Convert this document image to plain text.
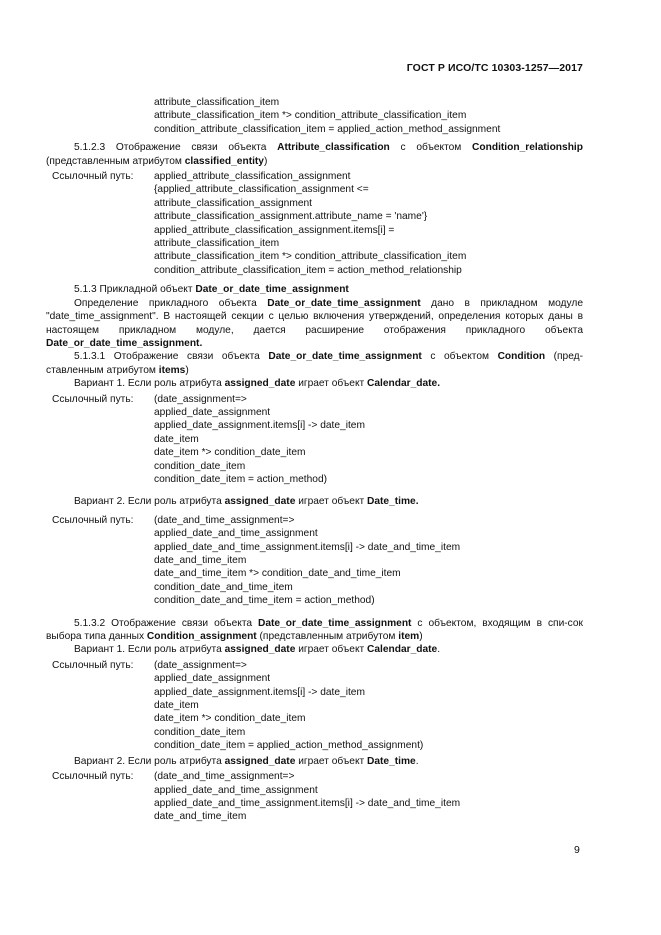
ГОСТ Р ИСО/ТС 10303-1257—2017
attribute_classification_item
attribute_classification_item *> condition_attribute_classification_item
condition_attribute_classification_item = applied_action_method_assignment

5.1.2.3 Отображение связи объекта Attribute_classification с объектом Condition_relationship (представленным атрибутом classified_entity)

Ссылочный путь: applied_attribute_classification_assignment
{applied_attribute_classification_assignment <=
attribute_classification_assignment
attribute_classification_assignment.attribute_name = 'name'}
applied_attribute_classification_assignment.items[i] =
attribute_classification_item
attribute_classification_item *> condition_attribute_classification_item
condition_attribute_classification_item = action_method_relationship
5.1.3 Прикладной объект Date_or_date_time_assignment
Определение прикладного объекта Date_or_date_time_assignment дано в прикладном модуле "date_time_assignment". В настоящей секции с целью включения утверждений, определения которых даны в настоящем прикладном модуле, дается расширение отображения прикладного объекта Date_or_date_time_assignment.
5.1.3.1 Отображение связи объекта Date_or_date_time_assignment с объектом Condition (пред-ставленным атрибутом items)
Вариант 1. Если роль атрибута assigned_date играет объект Calendar_date.
Ссылочный путь: (date_assignment=>
applied_date_assignment
applied_date_assignment.items[i] -> date_item
date_item
date_item *> condition_date_item
condition_date_item
condition_date_item = action_method)
Вариант 2. Если роль атрибута assigned_date играет объект Date_time.
Ссылочный путь: (date_and_time_assignment=>
applied_date_and_time_assignment
applied_date_and_time_assignment.items[i] -> date_and_time_item
date_and_time_item
date_and_time_item *> condition_date_and_time_item
condition_date_and_time_item
condition_date_and_time_item = action_method)
5.1.3.2 Отображение связи объекта Date_or_date_time_assignment с объектом, входящим в спи-сок выбора типа данных Condition_assignment (представленным атрибутом item)
Вариант 1. Если роль атрибута assigned_date играет объект Calendar_date.
Ссылочный путь: (date_assignment=>
applied_date_assignment
applied_date_assignment.items[i] -> date_item
date_item
date_item *> condition_date_item
condition_date_item
condition_date_item = applied_action_method_assignment)
Вариант 2. Если роль атрибута assigned_date играет объект Date_time.
Ссылочный путь: (date_and_time_assignment=>
applied_date_and_time_assignment
applied_date_and_time_assignment.items[i] -> date_and_time_item
date_and_time_item
9
